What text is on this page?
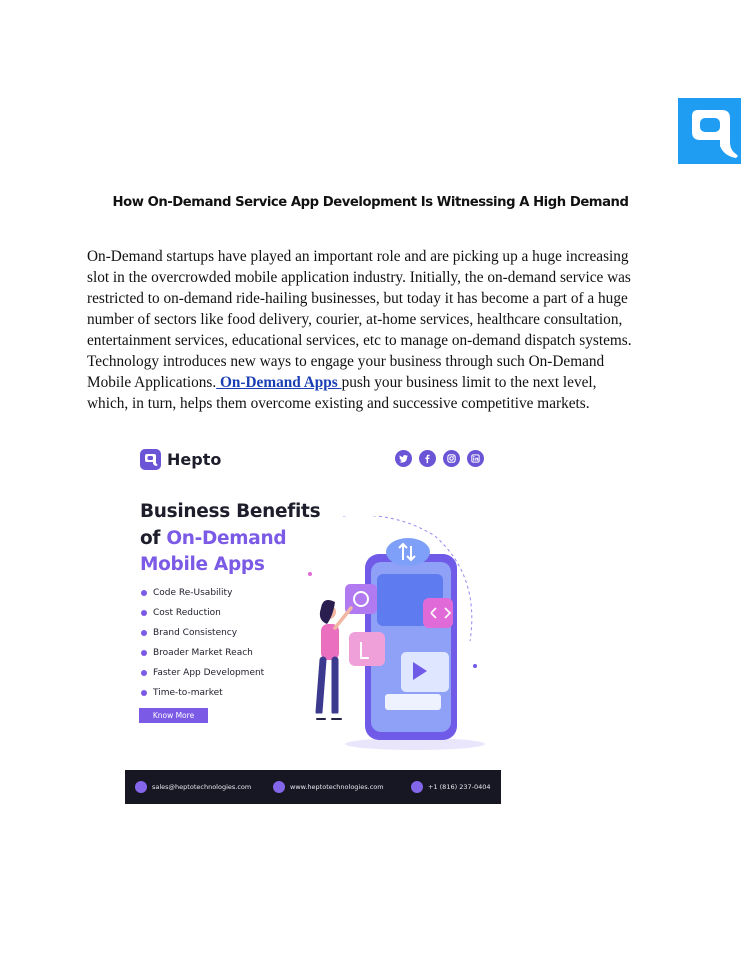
How On-Demand Service App Development Is Witnessing A High Demand
On-Demand startups have played an important role and are picking up a huge increasing
slot in the overcrowded mobile application industry. Initially, the on-demand service was
restricted to on-demand ride-hailing businesses, but today it has become a part of a huge
number of sectors like food delivery, courier, at-home services, healthcare consultation,
entertainment services, educational services, etc to manage on-demand dispatch systems.
Technology introduces new ways to engage your business through such On-Demand
Mobile Applications. On-Demand Apps push your business limit to the next level,
which, in turn, helps them overcome existing and successive competitive markets.
Hepto
Business Benefits
of On-Demand
Mobile Apps
Code Re-Usability
Cost Reduction
Brand Consistency
Broader Market Reach
Faster App Development
Time-to-market
Know More
sales@heptotechnologies.com	www.heptotechnologies.com	+1 (816) 237-0404
